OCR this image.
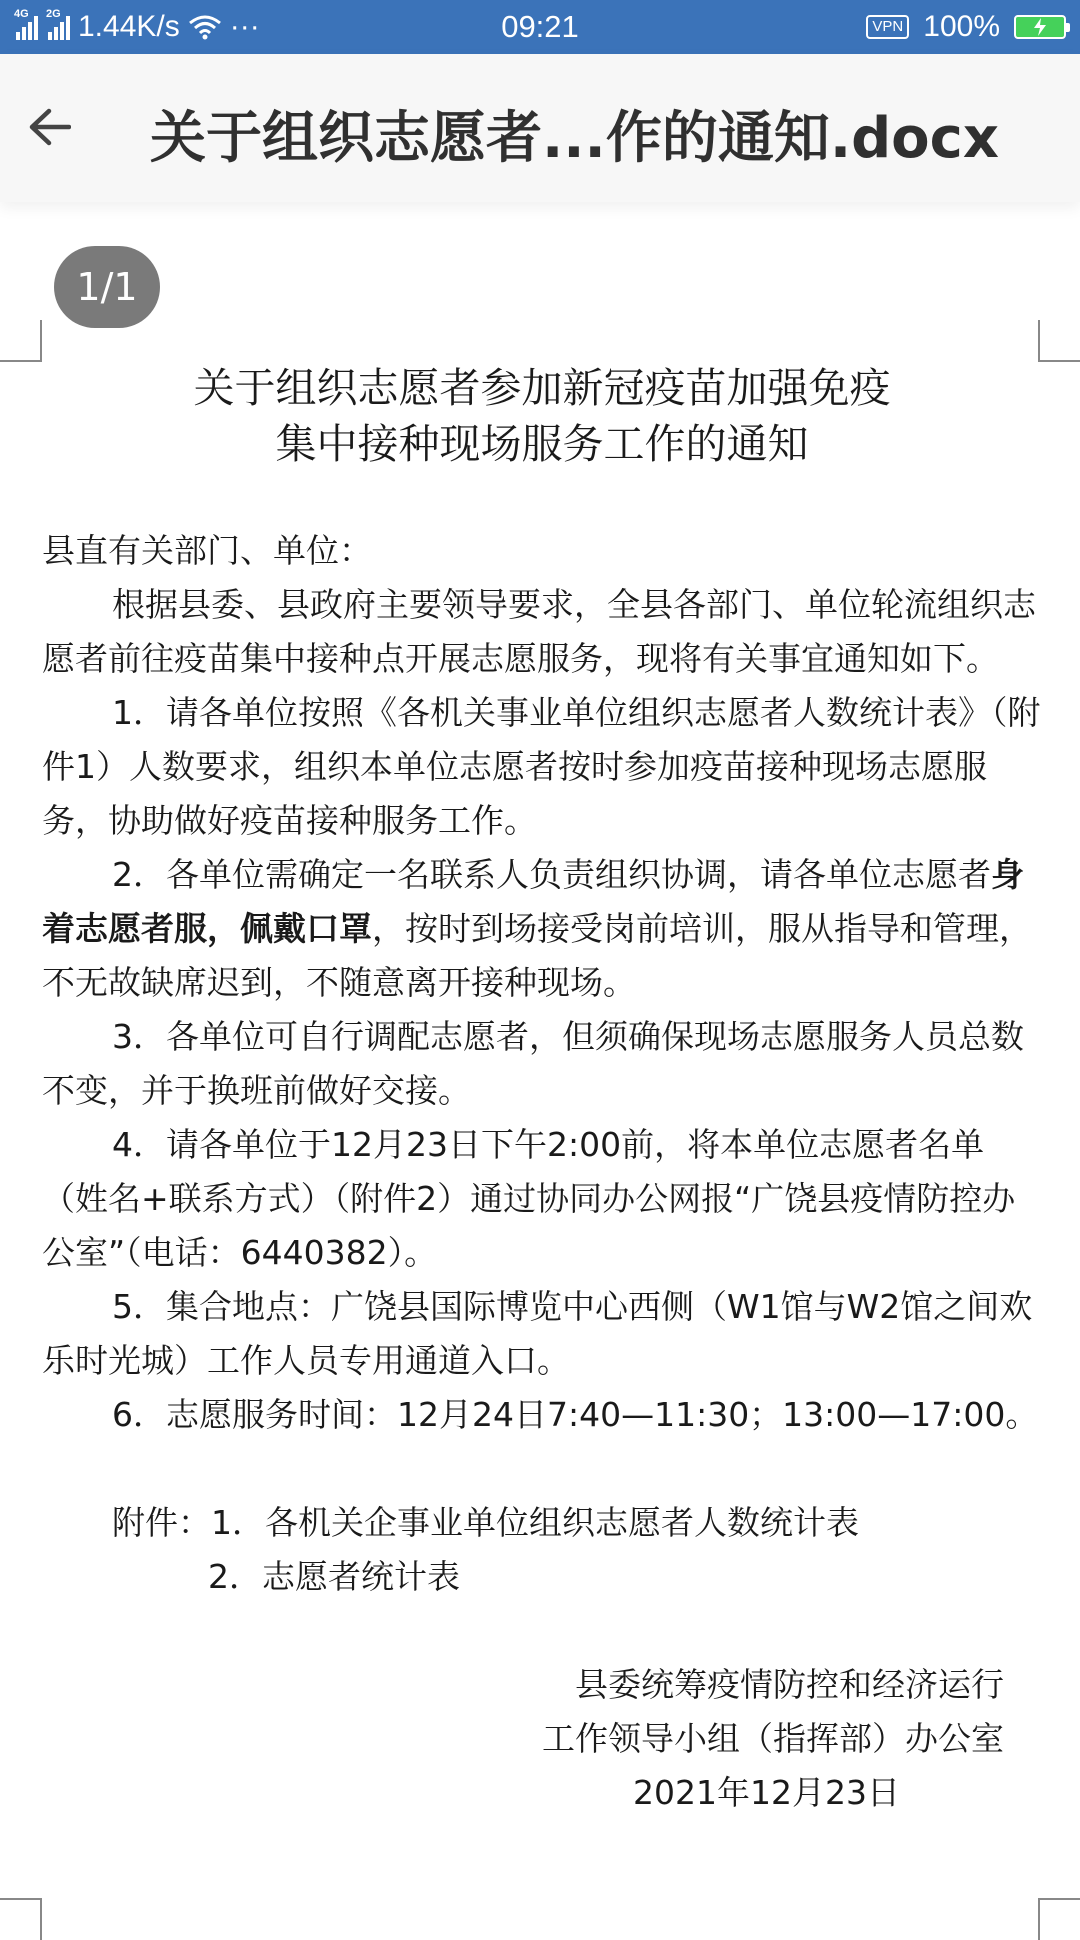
4G 2G 1.44K/s ···	09:21	VPN 100%
关于组织志愿者...作的通知.docx
1/1
关于组织志愿者参加新冠疫苗加强免疫
集中接种现场服务工作的通知

县直有关部门、单位：

根据县委、县政府主要领导要求，全县各部门、单位轮流组织志愿者前往疫苗集中接种点开展志愿服务，现将有关事宜通知如下。

1．请各单位按照《各机关事业单位组织志愿者人数统计表》（附件1）人数要求，组织本单位志愿者按时参加疫苗接种现场志愿服务，协助做好疫苗接种服务工作。

2．各单位需确定一名联系人负责组织协调，请各单位志愿者身着志愿者服，佩戴口罩，按时到场接受岗前培训，服从指导和管理，不无故缺席迟到，不随意离开接种现场。

3．各单位可自行调配志愿者，但须确保现场志愿服务人员总数不变，并于换班前做好交接。

4．请各单位于12月23日下午2:00前，将本单位志愿者名单（姓名+联系方式）（附件2）通过协同办公网报“广饶县疫情防控办公室”（电话：6440382）。

5．集合地点：广饶县国际博览中心西侧（W1馆与W2馆之间欢乐时光城）工作人员专用通道入口。

6．志愿服务时间：12月24日7:40—11:30；13:00—17:00。

附件：1．各机关企事业单位组织志愿者人数统计表

2．志愿者统计表

县委统筹疫情防控和经济运行
工作领导小组（指挥部）办公室
2021年12月23日
